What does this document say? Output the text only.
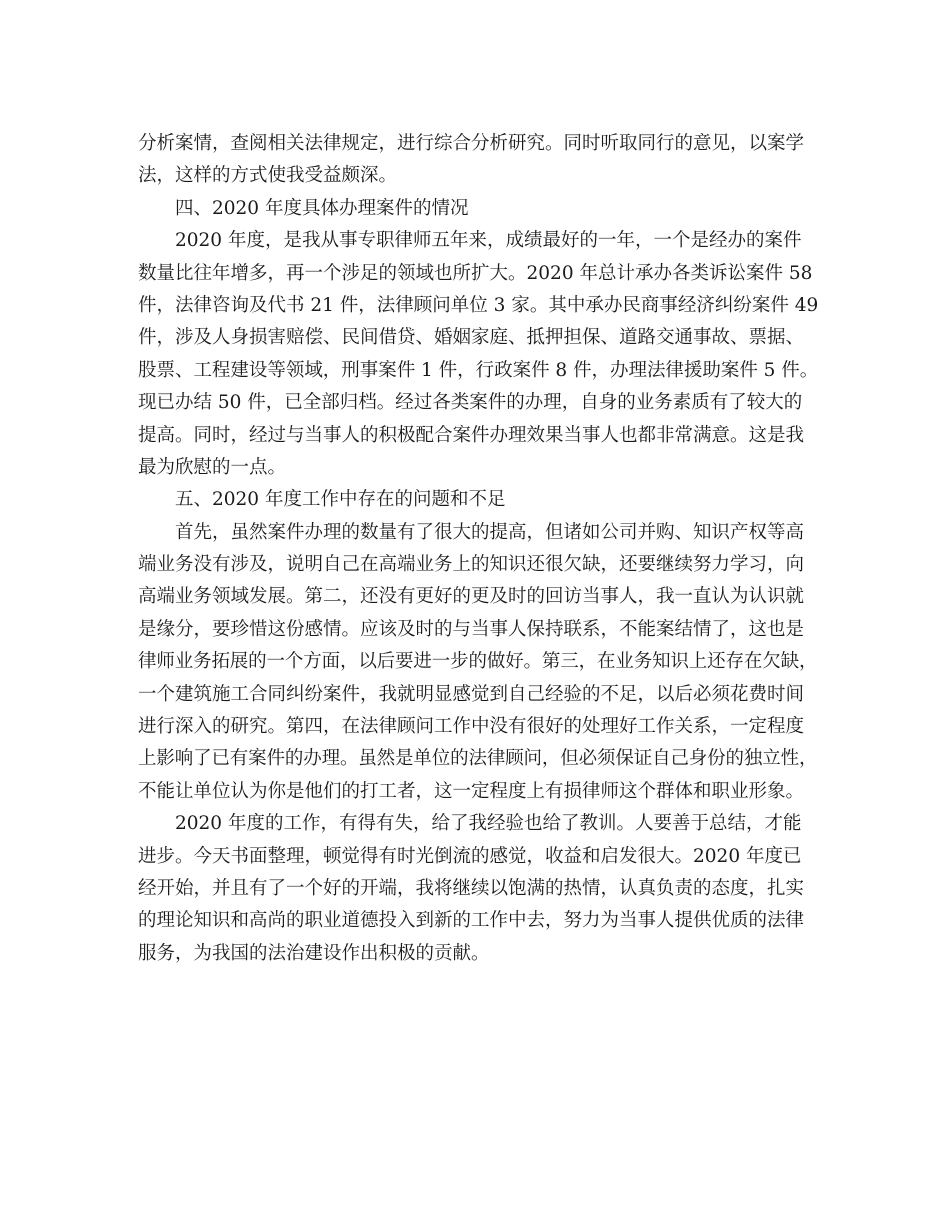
分析案情，查阅相关法律规定，进行综合分析研究。同时听取同行的意见，以案学
法，这样的方式使我受益颇深。
四、2020 年度具体办理案件的情况
2020 年度，是我从事专职律师五年来，成绩最好的一年，一个是经办的案件
数量比往年增多，再一个涉足的领域也所扩大。2020 年总计承办各类诉讼案件 58
件，法律咨询及代书 21 件，法律顾问单位 3 家。其中承办民商事经济纠纷案件 49
件，涉及人身损害赔偿、民间借贷、婚姻家庭、抵押担保、道路交通事故、票据、
股票、工程建设等领域，刑事案件 1 件，行政案件 8 件，办理法律援助案件 5 件。
现已办结 50 件，已全部归档。经过各类案件的办理，自身的业务素质有了较大的
提高。同时，经过与当事人的积极配合案件办理效果当事人也都非常满意。这是我
最为欣慰的一点。
五、2020 年度工作中存在的问题和不足
首先，虽然案件办理的数量有了很大的提高，但诸如公司并购、知识产权等高
端业务没有涉及，说明自己在高端业务上的知识还很欠缺，还要继续努力学习，向
高端业务领域发展。第二，还没有更好的更及时的回访当事人，我一直认为认识就
是缘分，要珍惜这份感情。应该及时的与当事人保持联系，不能案结情了，这也是
律师业务拓展的一个方面，以后要进一步的做好。第三，在业务知识上还存在欠缺，
一个建筑施工合同纠纷案件，我就明显感觉到自己经验的不足，以后必须花费时间
进行深入的研究。第四，在法律顾问工作中没有很好的处理好工作关系，一定程度
上影响了已有案件的办理。虽然是单位的法律顾问，但必须保证自己身份的独立性，
不能让单位认为你是他们的打工者，这一定程度上有损律师这个群体和职业形象。
2020 年度的工作，有得有失，给了我经验也给了教训。人要善于总结，才能
进步。今天书面整理，顿觉得有时光倒流的感觉，收益和启发很大。2020 年度已
经开始，并且有了一个好的开端，我将继续以饱满的热情，认真负责的态度，扎实
的理论知识和高尚的职业道德投入到新的工作中去，努力为当事人提供优质的法律
服务，为我国的法治建设作出积极的贡献。
